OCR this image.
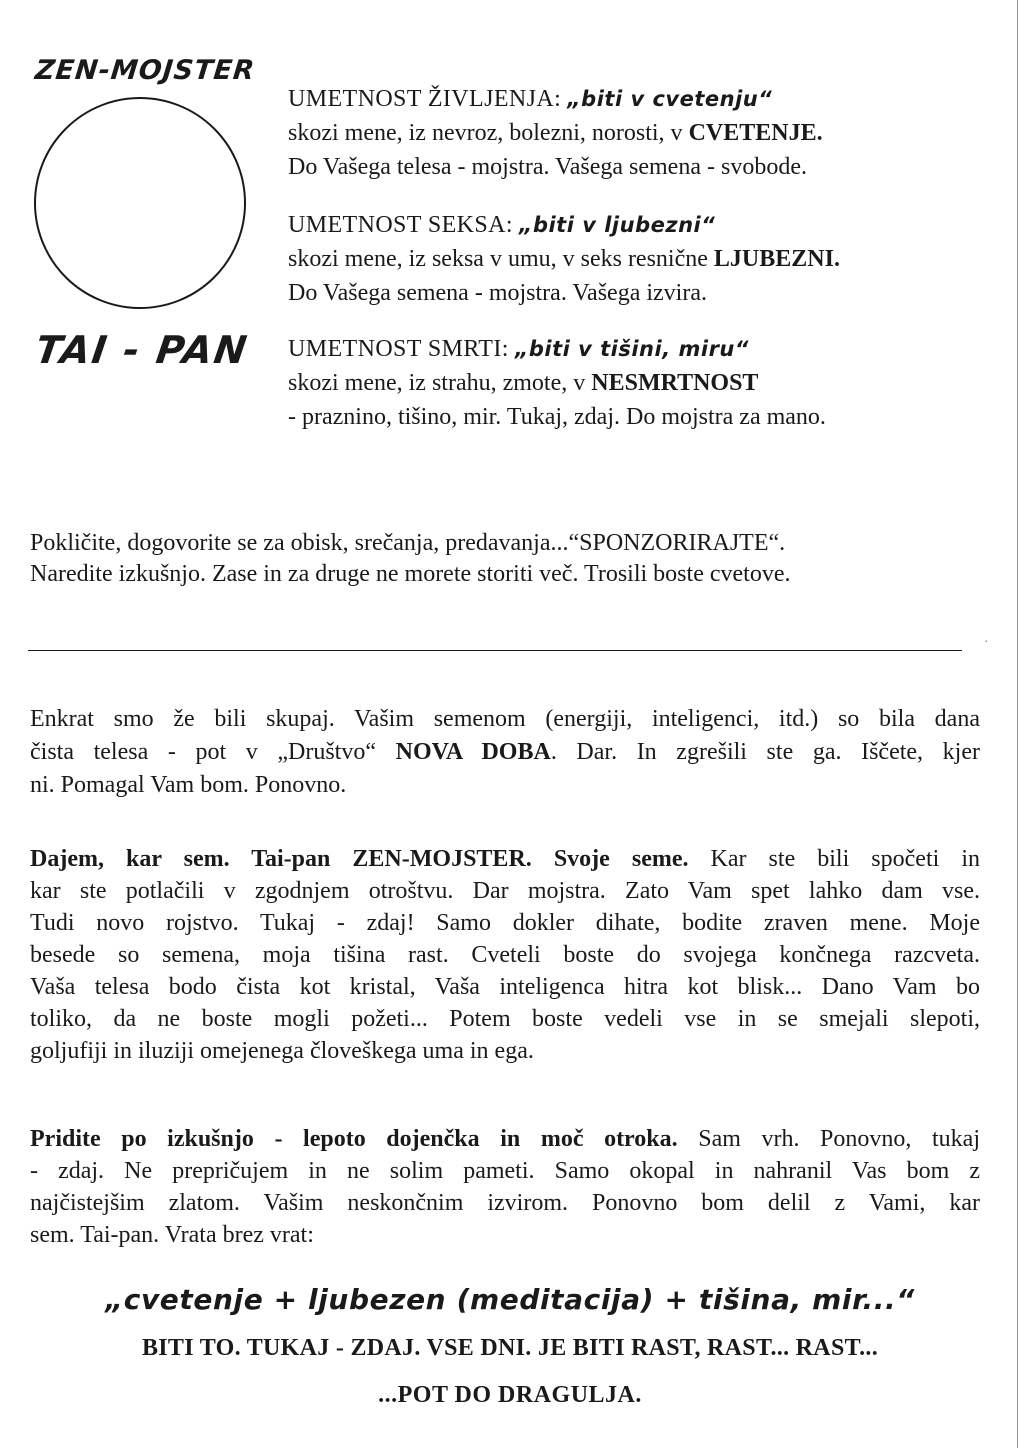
ZEN-MOJSTER
TAI - PAN

UMETNOST ŽIVLJENJA: „biti v cvetenju“

skozi mene, iz nevroz, bolezni, norosti, v CVETENJE.

Do Vašega telesa - mojstra. Vašega semena - svobode.

UMETNOST SEKSA: „biti v ljubezni“

skozi mene, iz seksa v umu, v seks resnične LJUBEZNI.

Do Vašega semena - mojstra. Vašega izvira.

UMETNOST SMRTI: „biti v tišini, miru“

skozi mene, iz strahu, zmote, v NESMRTNOST

- praznino, tišino, mir. Tukaj, zdaj. Do mojstra za mano.

Pokličite, dogovorite se za obisk, srečanja, predavanja...“SPONZORIRAJTE“.
Naredite izkušnjo. Zase in za druge ne morete storiti več. Trosili boste cvetove.

·

Enkrat smo že bili skupaj. Vašim semenom (energiji, inteligenci, itd.) so bila dana
čista telesa - pot v „Društvo“ NOVA DOBA. Dar. In zgrešili ste ga. Iščete, kjer
ni. Pomagal Vam bom. Ponovno.

Dajem, kar sem. Tai-pan ZEN-MOJSTER. Svoje seme. Kar ste bili spočeti in
kar ste potlačili v zgodnjem otroštvu. Dar mojstra. Zato Vam spet lahko dam vse.
Tudi novo rojstvo. Tukaj - zdaj! Samo dokler dihate, bodite zraven mene. Moje
besede so semena, moja tišina rast. Cveteli boste do svojega končnega razcveta.
Vaša telesa bodo čista kot kristal, Vaša inteligenca hitra kot blisk... Dano Vam bo
toliko, da ne boste mogli požeti... Potem boste vedeli vse in se smejali slepoti,
goljufiji in iluziji omejenega človeškega uma in ega.

Pridite po izkušnjo - lepoto dojenčka in moč otroka. Sam vrh. Ponovno, tukaj
- zdaj. Ne prepričujem in ne solim pameti. Samo okopal in nahranil Vas bom z
najčistejšim zlatom. Vašim neskončnim izvirom. Ponovno bom delil z Vami, kar
sem. Tai-pan. Vrata brez vrat:

„cvetenje + ljubezen (meditacija) + tišina, mir...“
BITI TO. TUKAJ - ZDAJ. VSE DNI. JE BITI RAST, RAST... RAST...
...POT DO DRAGULJA.
